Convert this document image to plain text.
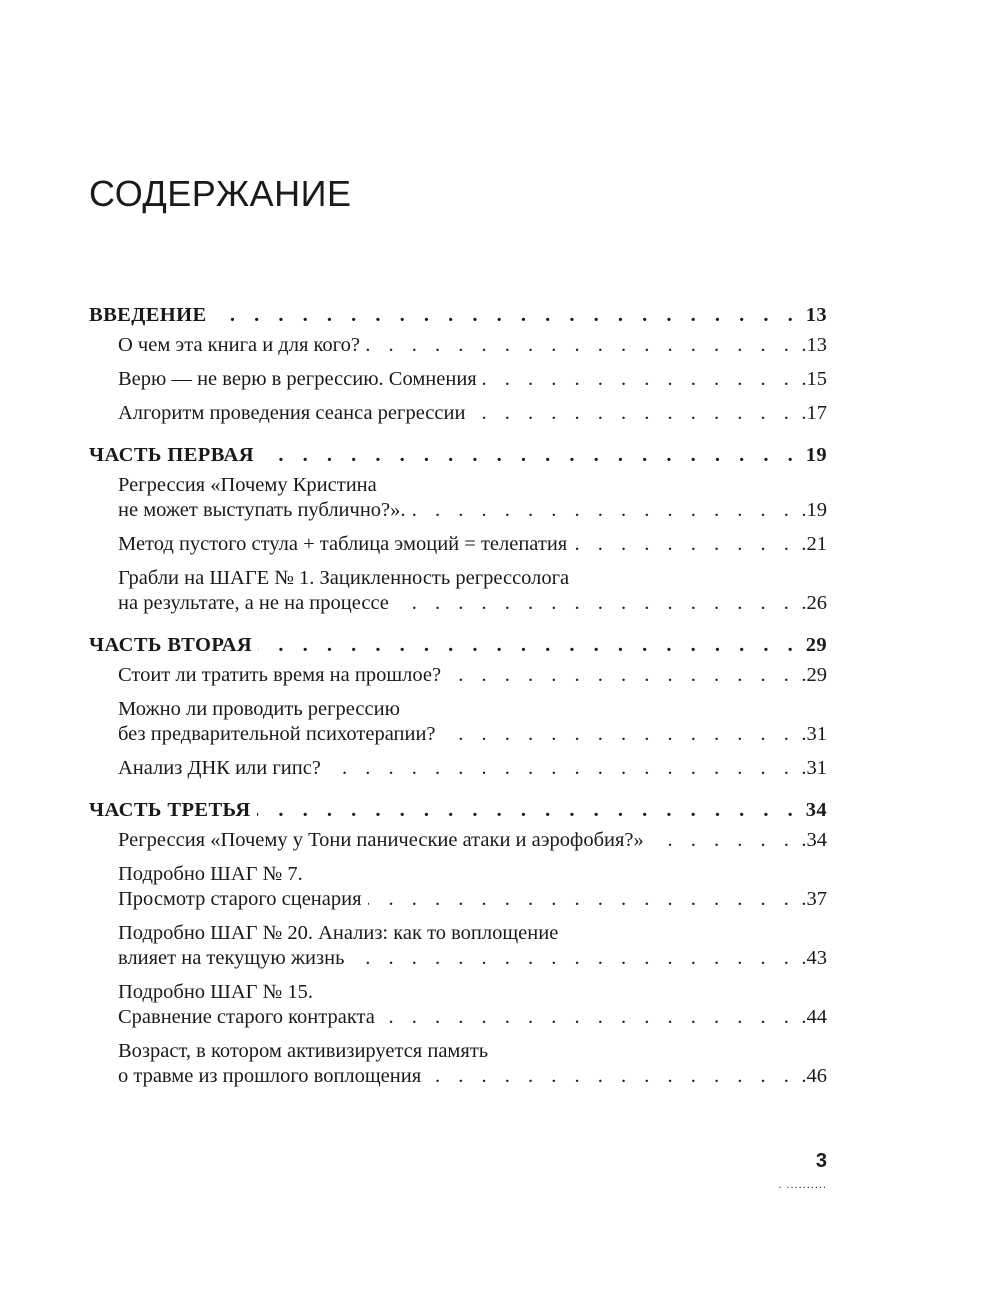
СОДЕРЖАНИЕ
ВВЕДЕНИЕ . . .	13
О чем эта книга и для кого? . . .	.13
Верю — не верю в регрессию. Сомнения . . .	.15
Алгоритм проведения сеанса регрессии . . .	.17
ЧАСТЬ ПЕРВАЯ . . .	19
Регрессия «Почему Кристина
не может выступать публично?». . . .	.19
Метод пустого стула + таблица эмоций = телепатия . . .	.21
Грабли на ШАГЕ № 1. Зацикленность регрессолога
на результате, а не на процессе . . .	.26
ЧАСТЬ ВТОРАЯ . . .	29
Стоит ли тратить время на прошлое? . . .	.29
Можно ли проводить регрессию
без предварительной психотерапии? . . .	.31
Анализ ДНК или гипс? . . .	.31
ЧАСТЬ ТРЕТЬЯ . . .	34
Регрессия «Почему у Тони панические атаки и аэрофобия?» . . .	.34
Подробно ШАГ № 7.
Просмотр старого сценария . . .	.37
Подробно ШАГ № 20. Анализ: как то воплощение
влияет на текущую жизнь . . .	.43
Подробно ШАГ № 15.
Сравнение старого контракта . . .	.44
Возраст, в котором активизируется память
о травме из прошлого воплощения . . .	.46
3
. ..........
